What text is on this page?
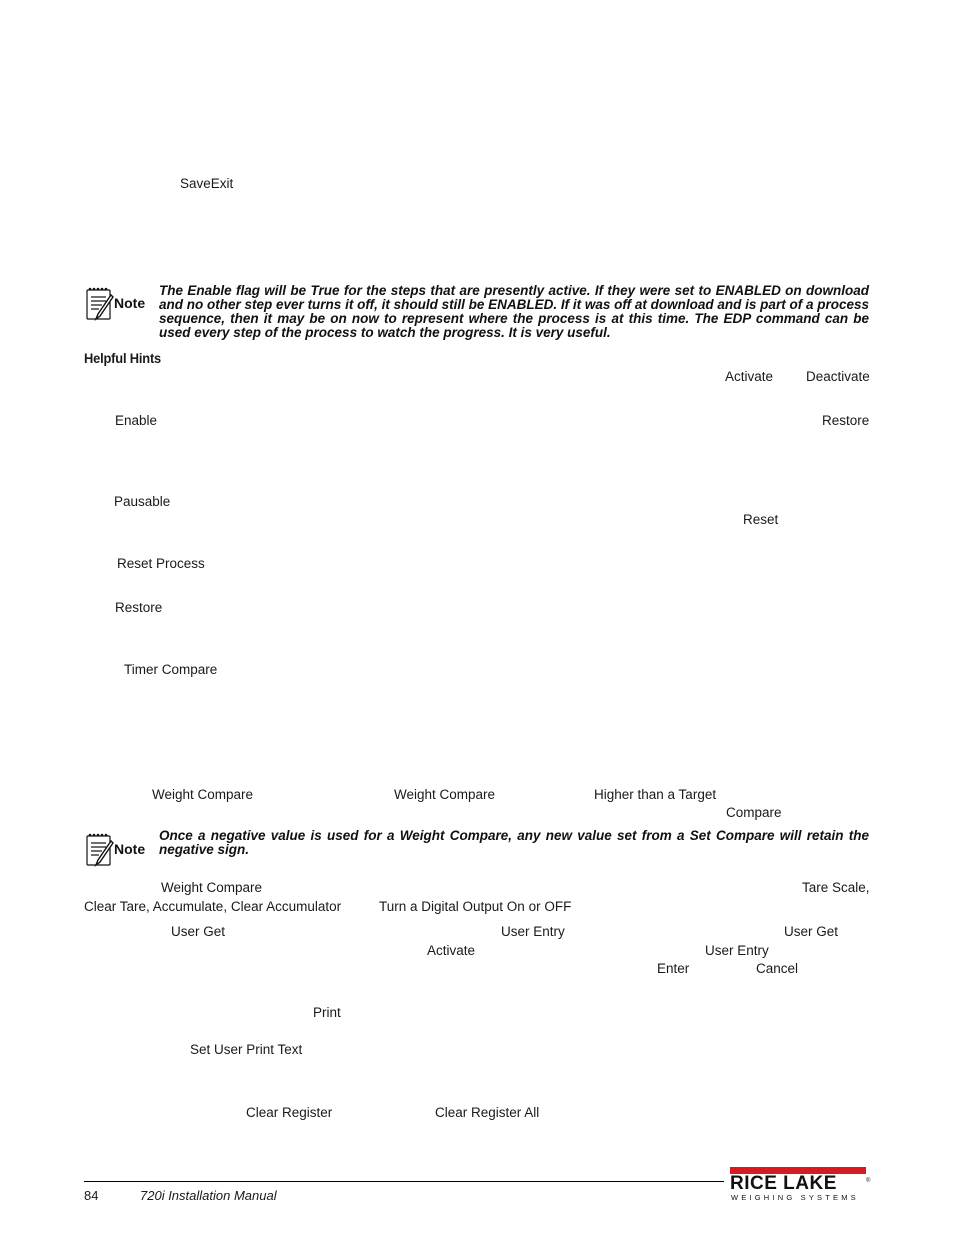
SaveExit
Activate Deactivate
Enable	Restore
Pausable
Reset
Reset Process
Restore
Timer Compare
Weight Compare	Weight Compare	Higher than a Target
Compare
Weight Compare	Tare Scale,
Clear Tare, Accumulate, Clear Accumulator	Turn a Digital Output On or OFF
User Get	User Entry	User Get
Activate	User Entry
Enter	Cancel
Print
Set User Print Text
Clear Register	Clear Register All
Note
The Enable flag will be True for the steps that are presently active. If they were set to ENABLED on download and no other step ever turns it off, it should still be ENABLED. If it was off at download and is part of a process sequence, then it may be on now to represent where the process is at this time. The EDP command can be used every step of the process to watch the progress. It is very useful.
Helpful Hints
Note
Once a negative value is used for a Weight Compare, any new value set from a Set Compare will retain the negative sign.
84	720i Installation Manual
RICE LAKE	®
WEIGHING SYSTEMS
